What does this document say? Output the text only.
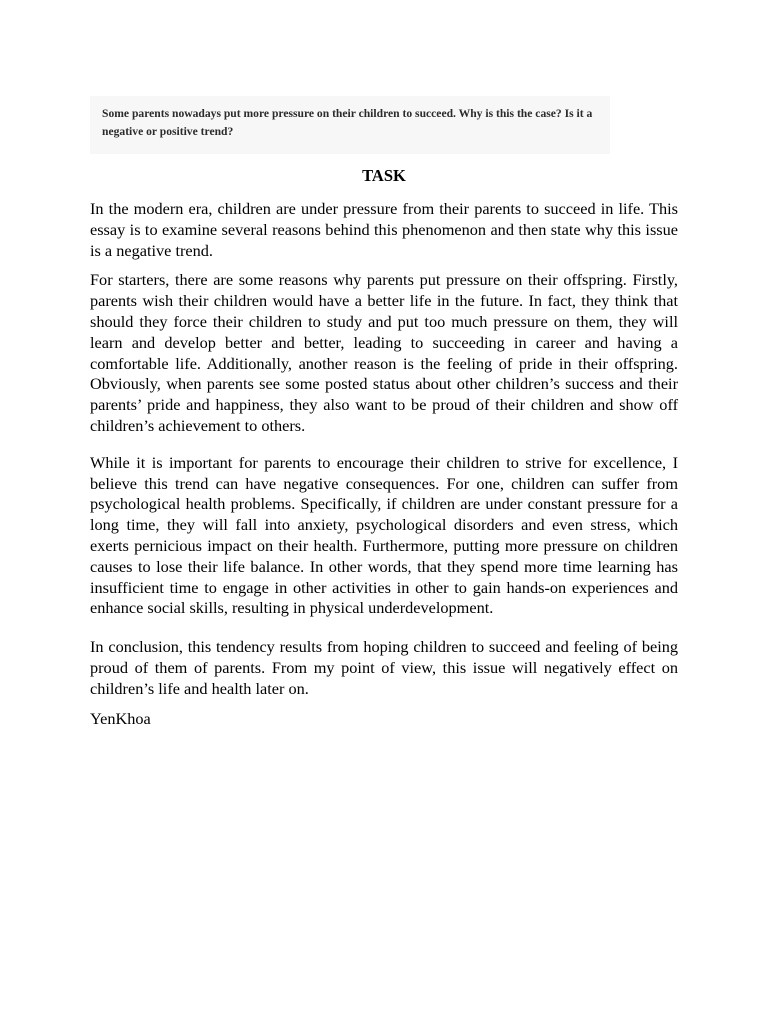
Some parents nowadays put more pressure on their children to succeed. Why is this the case? Is it a negative or positive trend?

TASK

In the modern era, children are under pressure from their parents to succeed in life. This essay is to examine several reasons behind this phenomenon and then state why this issue is a negative trend.

For starters, there are some reasons why parents put pressure on their offspring. Firstly, parents wish their children would have a better life in the future. In fact, they think that should they force their children to study and put too much pressure on them, they will learn and develop better and better, leading to succeeding in career and having a comfortable life. Additionally, another reason is the feeling of pride in their offspring. Obviously, when parents see some posted status about other children’s success and their parents’ pride and happiness, they also want to be proud of their children and show off children’s achievement to others.

While it is important for parents to encourage their children to strive for excellence, I believe this trend can have negative consequences. For one, children can suffer from psychological health problems. Specifically, if children are under constant pressure for a long time, they will fall into anxiety, psychological disorders and even stress, which exerts pernicious impact on their health. Furthermore, putting more pressure on children causes to lose their life balance. In other words, that they spend more time learning has insufficient time to engage in other activities in other to gain hands-on experiences and enhance social skills, resulting in physical underdevelopment.

In conclusion, this tendency results from hoping children to succeed and feeling of being proud of them of parents. From my point of view, this issue will negatively effect on children’s life and health later on.

YenKhoa
